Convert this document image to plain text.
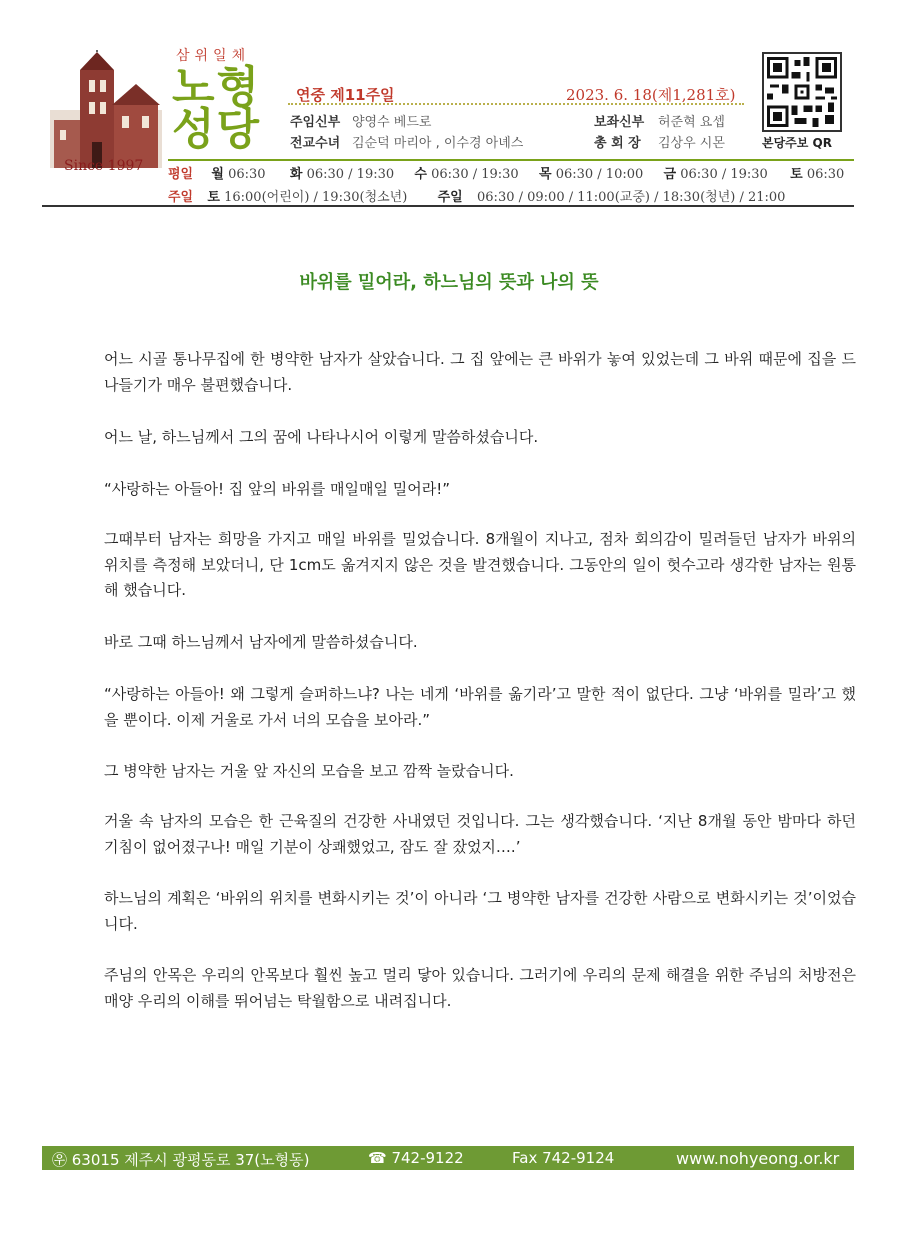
Since 1997
삼위일체
노형
성당
연중 제11주일	2023. 6. 18(제1,281호)
주임신부 양영수 베드로	보좌신부 허준혁 요셉
전교수녀 김순덕 마리아 , 이수경 아녜스	총 회 장 김상우 시몬	본당주보 QR
평일 월 06:30 화 06:30 / 19:30 수 06:30 / 19:30 목 06:30 / 10:00 금 06:30 / 19:30 토 06:30
주일 토 16:00(어린이) / 19:30(청소년) 주일 06:30 / 09:00 / 11:00(교중) / 18:30(청년) / 21:00
바위를 밀어라, 하느님의 뜻과 나의 뜻

어느 시골 통나무집에 한 병약한 남자가 살았습니다. 그 집 앞에는 큰 바위가 놓여 있었는데 그 바위 때문에 집을 드나들기가 매우 불편했습니다.

어느 날, 하느님께서 그의 꿈에 나타나시어 이렇게 말씀하셨습니다.

“사랑하는 아들아! 집 앞의 바위를 매일매일 밀어라!”

그때부터 남자는 희망을 가지고 매일 바위를 밀었습니다. 8개월이 지나고, 점차 회의감이 밀려들던 남자가 바위의 위치를 측정해 보았더니, 단 1cm도 옮겨지지 않은 것을 발견했습니다. 그동안의 일이 헛수고라 생각한 남자는 원통해 했습니다.

바로 그때 하느님께서 남자에게 말씀하셨습니다.

“사랑하는 아들아! 왜 그렇게 슬퍼하느냐? 나는 네게 ‘바위를 옮기라’고 말한 적이 없단다. 그냥 ‘바위를 밀라’고 했을 뿐이다. 이제 거울로 가서 너의 모습을 보아라.”

그 병약한 남자는 거울 앞 자신의 모습을 보고 깜짝 놀랐습니다.

거울 속 남자의 모습은 한 근육질의 건강한 사내였던 것입니다. 그는 생각했습니다. ‘지난 8개월 동안 밤마다 하던 기침이 없어졌구나! 매일 기분이 상쾌했었고, 잠도 잘 잤었지….’

하느님의 계획은 ‘바위의 위치를 변화시키는 것’이 아니라 ‘그 병약한 남자를 건강한 사람으로 변화시키는 것’이었습니다.

주님의 안목은 우리의 안목보다 훨씬 높고 멀리 닿아 있습니다. 그러기에 우리의 문제 해결을 위한 주님의 처방전은 매양 우리의 이해를 뛰어넘는 탁월함으로 내려집니다.

㉾ 63015 제주시 광평동로 37(노형동)	☎ 742-9122	Fax 742-9124	www.nohyeong.or.kr
